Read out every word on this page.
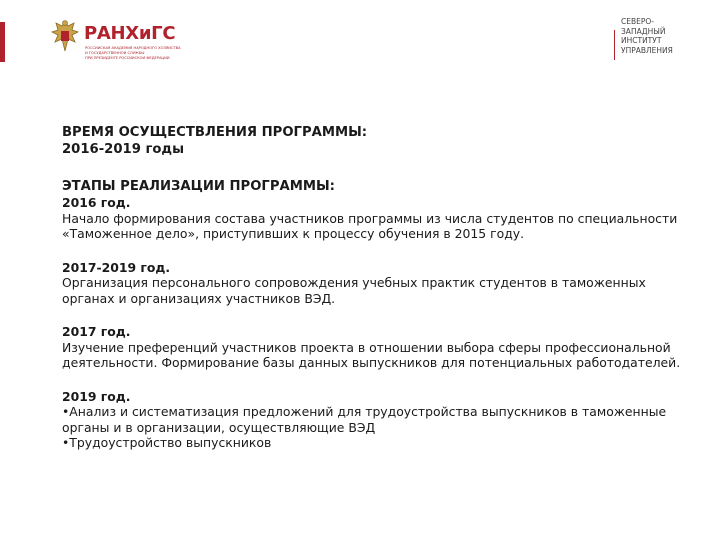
РАНХиГС
РОССИЙСКАЯ АКАДЕМИЯ НАРОДНОГО ХОЗЯЙСТВА
И ГОСУДАРСТВЕННОЙ СЛУЖБЫ
ПРИ ПРЕЗИДЕНТЕ РОССИЙСКОЙ ФЕДЕРАЦИИ
СЕВЕРО-
ЗАПАДНЫЙ
ИНСТИТУТ
УПРАВЛЕНИЯ
ВРЕМЯ ОСУЩЕСТВЛЕНИЯ ПРОГРАММЫ:
2016-2019 годы
ЭТАПЫ РЕАЛИЗАЦИИ ПРОГРАММЫ:
2016 год.
Начало формирования состава участников программы из числа студентов по специальности
«Таможенное дело», приступивших к процессу обучения в 2015 году.
2017-2019 год.
Организация персонального сопровождения учебных практик студентов в таможенных
органах и организациях участников ВЭД.
2017 год.
Изучение преференций участников проекта в отношении выбора сферы профессиональной
деятельности. Формирование базы данных выпускников для потенциальных работодателей.
2019 год.
•Анализ и систематизация предложений для трудоустройства выпускников в таможенные
органы и в организации, осуществляющие ВЭД
•Трудоустройство выпускников
